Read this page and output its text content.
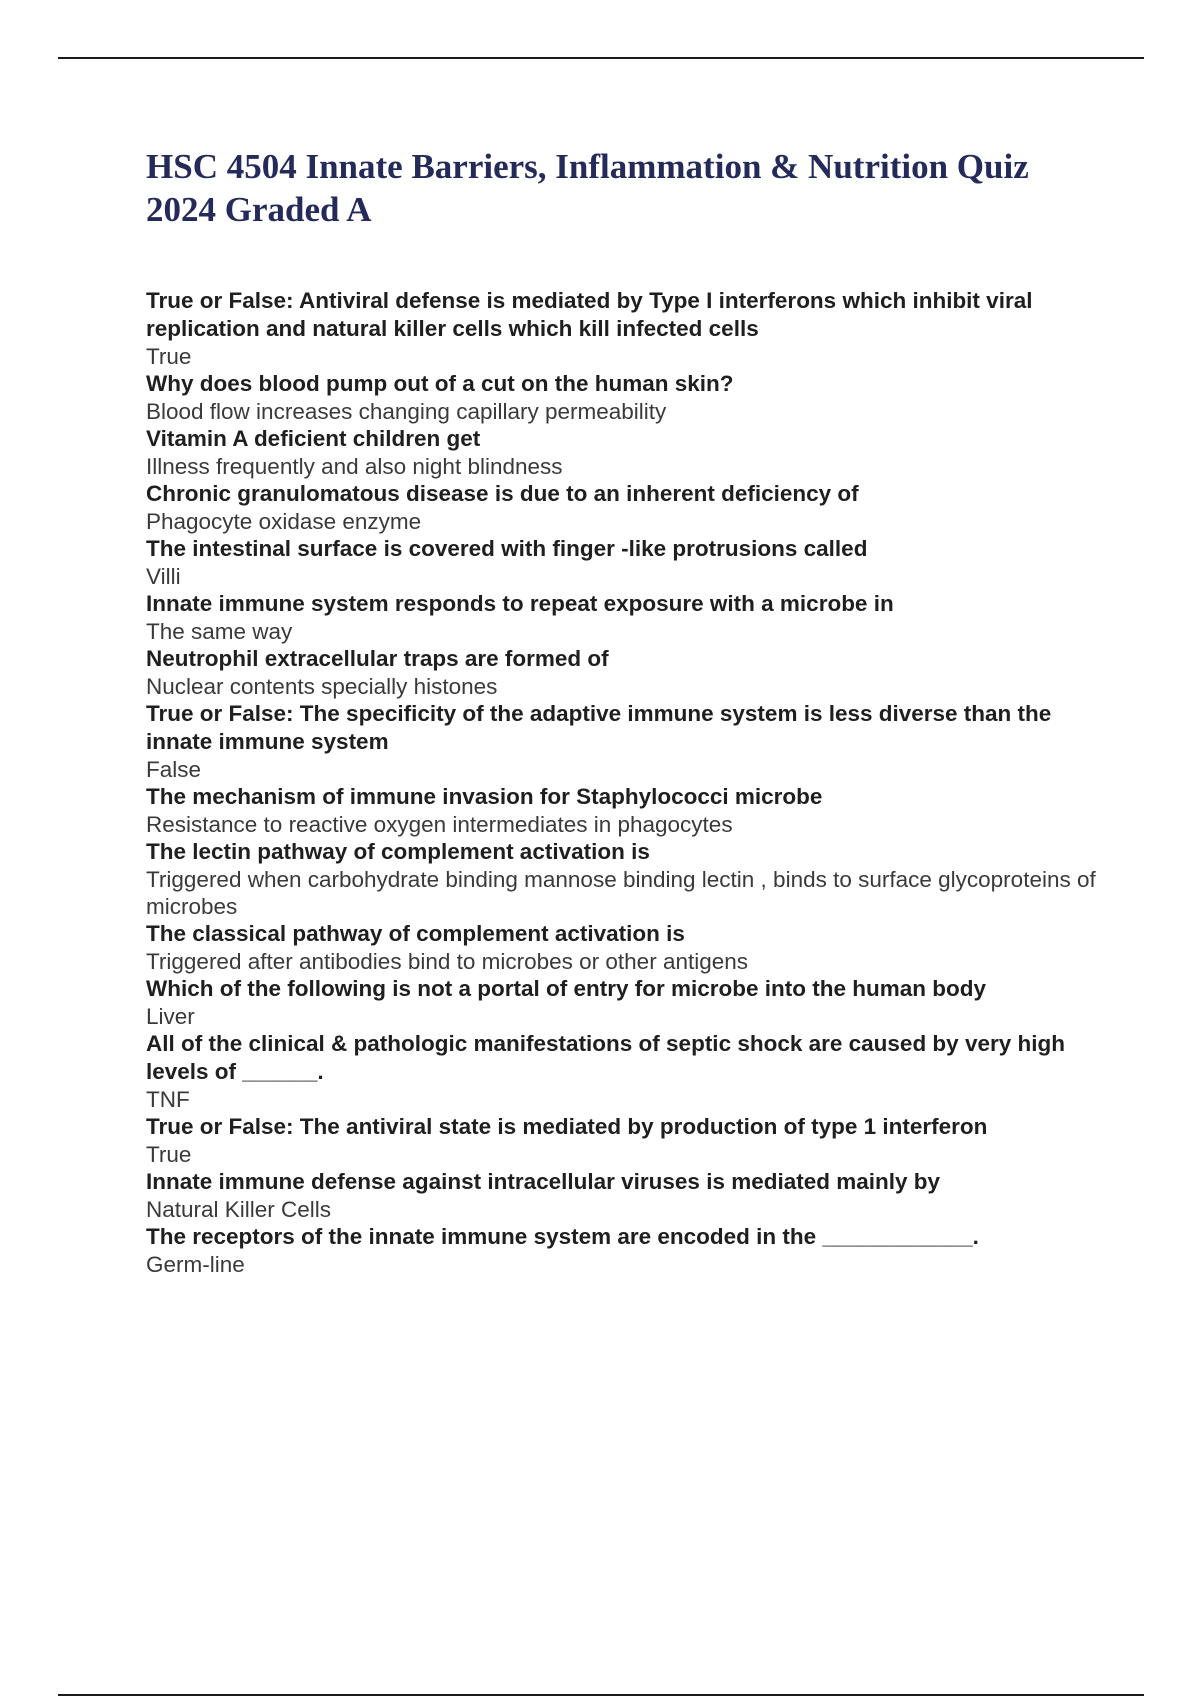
HSC 4504 Innate Barriers, Inflammation & Nutrition Quiz 2024 Graded A
True or False: Antiviral defense is mediated by Type I interferons which inhibit viral replication and natural killer cells which kill infected cells
True
Why does blood pump out of a cut on the human skin?
Blood flow increases changing capillary permeability
Vitamin A deficient children get
Illness frequently and also night blindness
Chronic granulomatous disease is due to an inherent deficiency of
Phagocyte oxidase enzyme
The intestinal surface is covered with finger -like protrusions called
Villi
Innate immune system responds to repeat exposure with a microbe in
The same way
Neutrophil extracellular traps are formed of
Nuclear contents specially histones
True or False: The specificity of the adaptive immune system is less diverse than the innate immune system
False
The mechanism of immune invasion for Staphylococci microbe
Resistance to reactive oxygen intermediates in phagocytes
The lectin pathway of complement activation is
Triggered when carbohydrate binding mannose binding lectin , binds to surface glycoproteins of microbes
The classical pathway of complement activation is
Triggered after antibodies bind to microbes or other antigens
Which of the following is not a portal of entry for microbe into the human body
Liver
All of the clinical & pathologic manifestations of septic shock are caused by very high levels of ______.
TNF
True or False: The antiviral state is mediated by production of type 1 interferon
True
Innate immune defense against intracellular viruses is mediated mainly by
Natural Killer Cells
The receptors of the innate immune system are encoded in the ____________.
Germ-line
